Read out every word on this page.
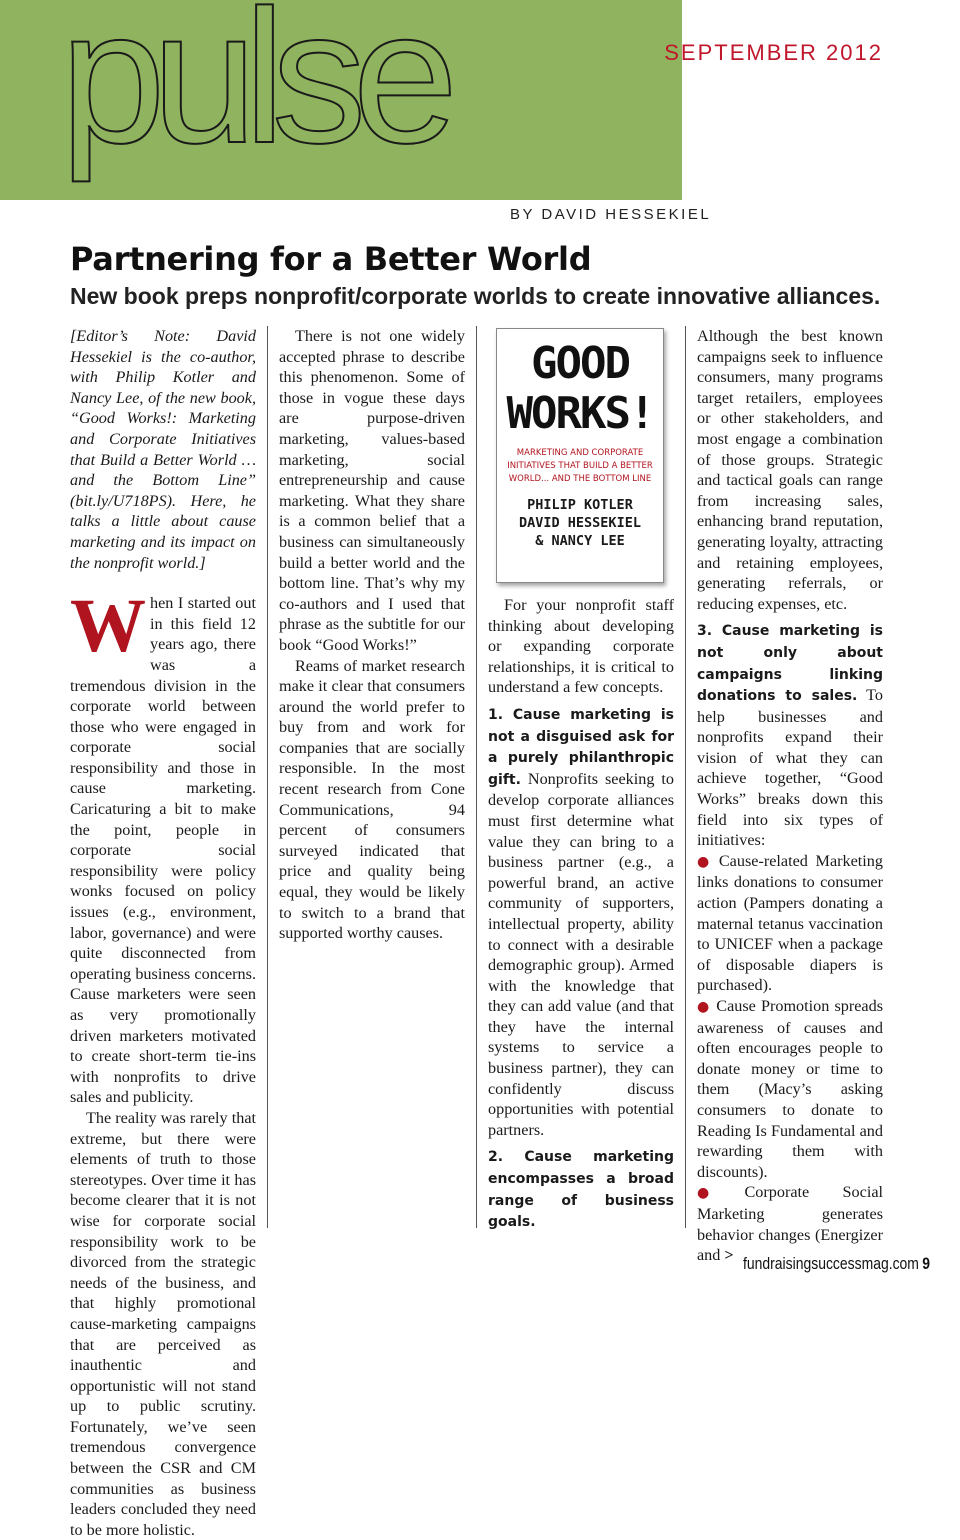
pulse	SEPTEMBER 2012
BY DAVID HESSEKIEL
Partnering for a Better World
New book preps nonprofit/corporate worlds to create innovative alliances.

[Editor’s Note: David Hessekiel is the co-author, with Philip Kotler and Nancy Lee, of the new book, “Good Works!: Marketing and Corporate Initiatives that Build a Better World … and the Bottom Line” (bit.ly/U718PS). Here, he talks a little about cause marketing and its impact on the nonprofit world.]

When I started out in this field 12 years ago, there was a tremendous division in the corporate world between those who were engaged in corporate social responsibility and those in cause marketing. Caricaturing a bit to make the point, people in corporate social responsibility were policy wonks focused on policy issues (e.g., environment, labor, governance) and were quite disconnected from operating business concerns. Cause marketers were seen as very promotionally driven marketers motivated to create short-term tie-ins with nonprofits to drive sales and publicity.

The reality was rarely that extreme, but there were elements of truth to those stereotypes. Over time it has become clearer that it is not wise for corporate social responsibility work to be divorced from the strategic needs of the business, and that highly promotional cause-marketing campaigns that are perceived as inauthentic and opportunistic will not stand up to public scrutiny. Fortunately, we’ve seen tremendous convergence between the CSR and CM communities as business leaders concluded they need to be more holistic.

There is not one widely accepted phrase to describe this phenomenon. Some of those in vogue these days are purpose-driven marketing, values-based marketing, social entrepreneurship and cause marketing. What they share is a common belief that a business can simultaneously build a better world and the bottom line. That’s why my co-authors and I used that phrase as the subtitle for our book “Good Works!”

Reams of market research make it clear that consumers around the world prefer to buy from and work for companies that are socially responsible. In the most recent research from Cone Communications, 94 percent of consumers surveyed indicated that price and quality being equal, they would be likely to switch to a brand that supported worthy causes.

GOOD
WORKS!
MARKETING AND CORPORATE INITIATIVES THAT BUILD A BETTER WORLD... AND THE BOTTOM LINE
PHILIP KOTLER
DAVID HESSEKIEL
& NANCY LEE

For your nonprofit staff thinking about developing or expanding corporate relationships, it is critical to understand a few concepts.

1. Cause marketing is not a disguised ask for a purely philanthropic gift. Nonprofits seeking to develop corporate alliances must first determine what value they can bring to a business partner (e.g., a powerful brand, an active community of supporters, intellectual property, ability to connect with a desirable demographic group). Armed with the knowledge that they can add value (and that they have the internal systems to service a business partner), they can confidently discuss opportunities with potential partners.

2. Cause marketing encompasses a broad range of business goals.

Although the best known campaigns seek to influence consumers, many programs target retailers, employees or other stakeholders, and most engage a combination of those groups. Strategic and tactical goals can range from increasing sales, enhancing brand reputation, generating loyalty, attracting and retaining employees, generating referrals, or reducing expenses, etc.

3. Cause marketing is not only about campaigns linking donations to sales. To help businesses and nonprofits expand their vision of what they can achieve together, “Good Works” breaks down this field into six types of initiatives:

● Cause-related Marketing links donations to consumer action (Pampers donating a maternal tetanus vaccination to UNICEF when a package of disposable diapers is purchased).

● Cause Promotion spreads awareness of causes and often encourages people to donate money or time to them (Macy’s asking consumers to donate to Reading Is Fundamental and rewarding them with discounts).

● Corporate Social Marketing generates behavior changes (Energizer and > fundraisingsuccessmag.com 9
